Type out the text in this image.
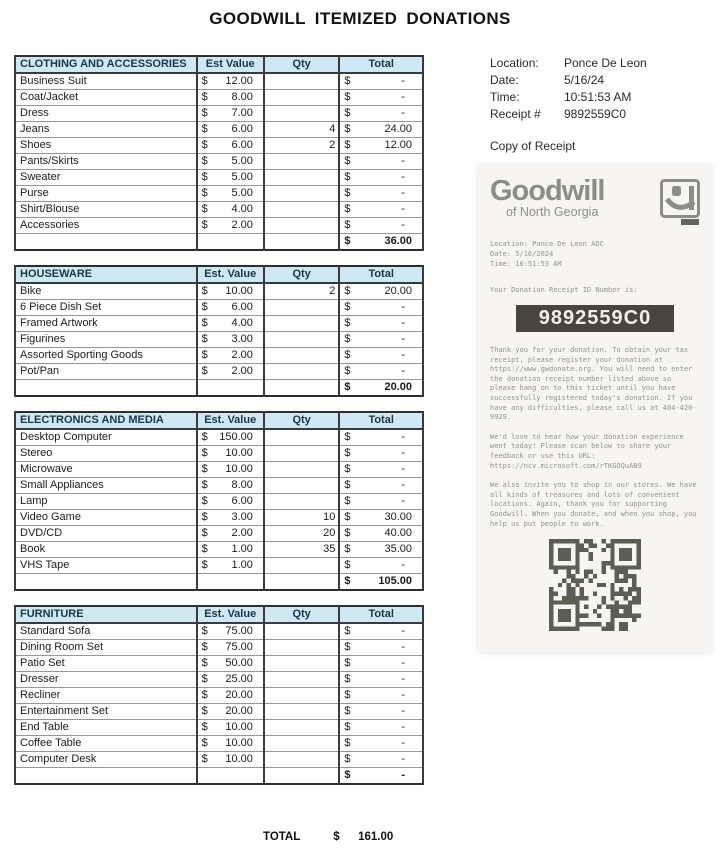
GOODWILL ITEMIZED DONATIONS
CLOTHING AND ACCESSORIES	Est Value	Qty	Total
Business Suit	$ 12.00		$ -
Coat/Jacket	$ 8.00		$ -
Dress	$ 7.00		$ -
Jeans	$ 6.00	4	$ 24.00
Shoes	$ 6.00	2	$ 12.00
Pants/Skirts	$ 5.00		$ -
Sweater	$ 5.00		$ -
Purse	$ 5.00		$ -
Shirt/Blouse	$ 4.00		$ -
Accessories	$ 2.00		$ -

			$ 36.00
HOUSEWARE	Est. Value	Qty	Total
Bike	$ 10.00	2	$ 20.00
6 Piece Dish Set	$ 6.00		$ -
Framed Artwork	$ 4.00		$ -
Figurines	$ 3.00		$ -
Assorted Sporting Goods	$ 2.00		$ -
Pot/Pan	$ 2.00		$ -

			$ 20.00
ELECTRONICS AND MEDIA	Est. Value	Qty	Total
Desktop Computer	$ 150.00		$ -
Stereo	$ 10.00		$ -
Microwave	$ 10.00		$ -
Small Appliances	$ 8.00		$ -
Lamp	$ 6.00		$ -
Video Game	$ 3.00	10	$ 30.00
DVD/CD	$ 2.00	20	$ 40.00
Book	$ 1.00	35	$ 35.00
VHS Tape	$ 1.00		$ -

			$ 105.00
FURNITURE	Est. Value	Qty	Total
Standard Sofa	$ 75.00		$ -
Dining Room Set	$ 75.00		$ -
Patio Set	$ 50.00		$ -
Dresser	$ 25.00		$ -
Recliner	$ 20.00		$ -
Entertainment Set	$ 20.00		$ -
End Table	$ 10.00		$ -
Coffee Table	$ 10.00		$ -
Computer Desk	$ 10.00		$ -

			$ -
TOTAL	$ 161.00
Location:	Ponce De Leon
Date:	5/16/24
Time:	10:51:53 AM
Receipt #	9892559C0
Copy of Receipt
Goodwill
of North Georgia
Location: Ponce De Leon ADC
Date: 5/16/2024
Time: 10:51:53 AM
Your Donation Receipt ID Number is:
9892559C0

Thank you for your donation. To obtain your tax receipt, please register your donation at https://www.gwdonate.org. You will need to enter the donation receipt number listed above so please hang on to this ticket until you have successfully registered today's donation. If you have any difficulties, please call us at 404-420-9929.

We'd love to hear how your donation experience went today! Please scan below to share your feedback or use this URL: https://ncv.microsoft.com/rTKGOQuAB9

We also invite you to shop in our stores. We have all kinds of treasures and lots of convenient locations. Again, thank you for supporting Goodwill. When you donate, and when you shop, you help us put people to work.
